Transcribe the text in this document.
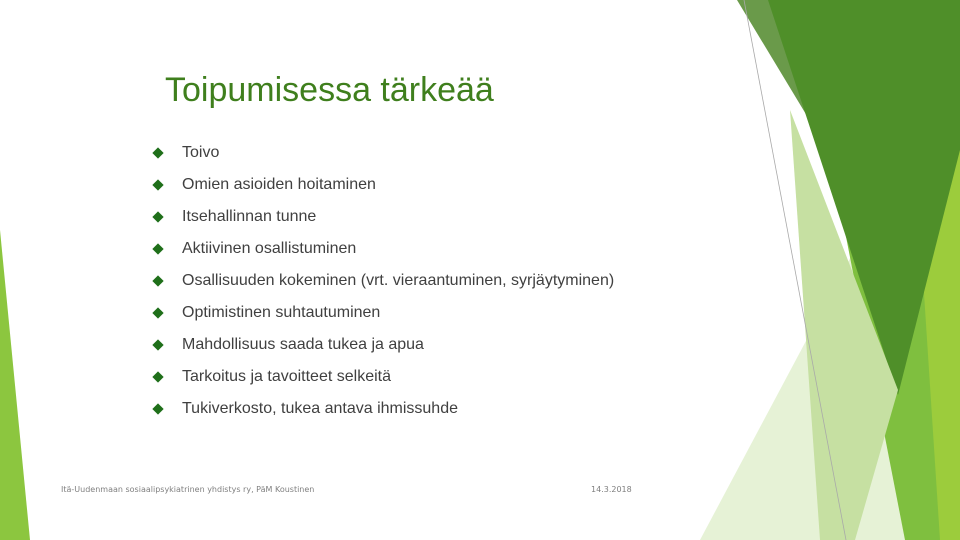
Toipumisessa tärkeää
Toivo
Omien asioiden hoitaminen
Itsehallinnan tunne
Aktiivinen osallistuminen
Osallisuuden kokeminen (vrt. vieraantuminen, syrjäytyminen)
Optimistinen suhtautuminen
Mahdollisuus saada tukea ja apua
Tarkoitus ja tavoitteet selkeitä
Tukiverkosto, tukea antava ihmissuhde
Itä-Uudenmaan sosiaalipsykiatrinen yhdistys ry, PäM Koustinen	14.3.2018
